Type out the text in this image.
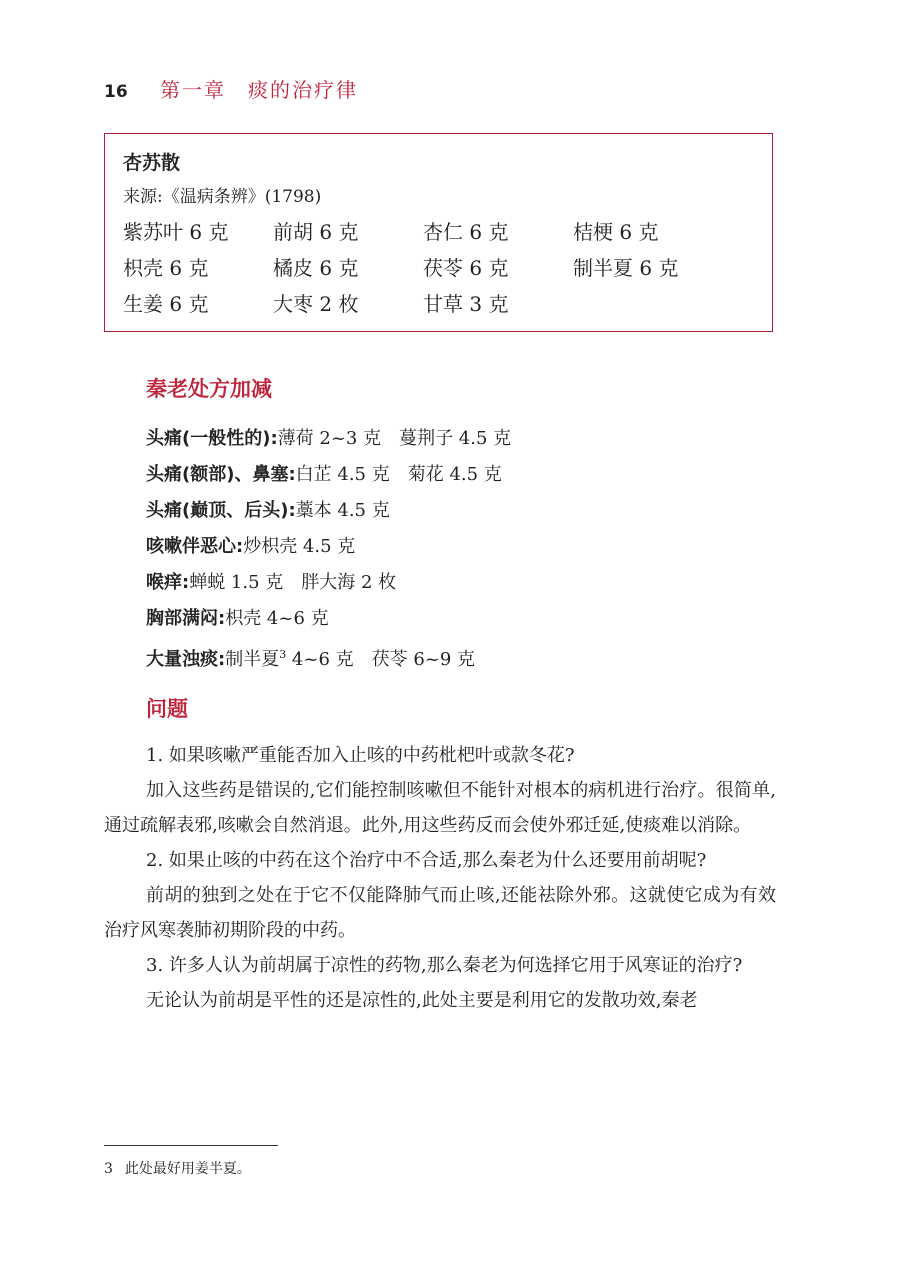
16 第一章　痰的治疗律
杏苏散
来源:《温病条辨》(1798)
紫苏叶 6 克	前胡 6 克	杏仁 6 克	桔梗 6 克
枳壳 6 克	橘皮 6 克	茯苓 6 克	制半夏 6 克
生姜 6 克	大枣 2 枚	甘草 3 克
秦老处方加减
头痛(一般性的):薄荷 2~3 克　蔓荆子 4.5 克
头痛(额部)、鼻塞:白芷 4.5 克　菊花 4.5 克
头痛(巅顶、后头):藁本 4.5 克
咳嗽伴恶心:炒枳壳 4.5 克
喉痒:蝉蜕 1.5 克　胖大海 2 枚
胸部满闷:枳壳 4~6 克
大量浊痰:制半夏$^3$ 4~6 克　茯苓 6~9 克
问题

1. 如果咳嗽严重能否加入止咳的中药枇杷叶或款冬花?

加入这些药是错误的,它们能控制咳嗽但不能针对根本的病机进行治疗。很简单,通过疏解表邪,咳嗽会自然消退。此外,用这些药反而会使外邪迁延,使痰难以消除。

2. 如果止咳的中药在这个治疗中不合适,那么秦老为什么还要用前胡呢?

前胡的独到之处在于它不仅能降肺气而止咳,还能祛除外邪。这就使它成为有效治疗风寒袭肺初期阶段的中药。

3. 许多人认为前胡属于凉性的药物,那么秦老为何选择它用于风寒证的治疗?

无论认为前胡是平性的还是凉性的,此处主要是利用它的发散功效,秦老

3 此处最好用姜半夏。
